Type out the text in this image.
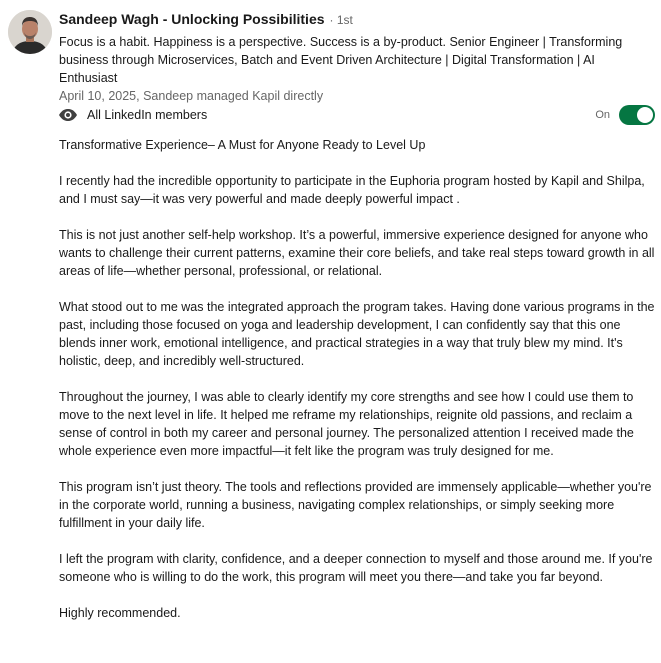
Sandeep Wagh - Unlocking Possibilities · 1st
Focus is a habit. Happiness is a perspective. Success is a by-product. Senior Engineer | Transforming business through Microservices, Batch and Event Driven Architecture | Digital Transformation | AI Enthusiast
April 10, 2025, Sandeep managed Kapil directly
All LinkedIn members	On

Transformative Experience– A Must for Anyone Ready to Level Up

I recently had the incredible opportunity to participate in the Euphoria program hosted by Kapil and Shilpa, and I must say—it was very powerful and made deeply powerful impact .

This is not just another self-help workshop. It’s a powerful, immersive experience designed for anyone who wants to challenge their current patterns, examine their core beliefs, and take real steps toward growth in all areas of life—whether personal, professional, or relational.

What stood out to me was the integrated approach the program takes. Having done various programs in the past, including those focused on yoga and leadership development, I can confidently say that this one blends inner work, emotional intelligence, and practical strategies in a way that truly blew my mind. It's holistic, deep, and incredibly well-structured.

Throughout the journey, I was able to clearly identify my core strengths and see how I could use them to move to the next level in life. It helped me reframe my relationships, reignite old passions, and reclaim a sense of control in both my career and personal journey. The personalized attention I received made the whole experience even more impactful—it felt like the program was truly designed for me.

This program isn’t just theory. The tools and reflections provided are immensely applicable—whether you're in the corporate world, running a business, navigating complex relationships, or simply seeking more fulfillment in your daily life.

I left the program with clarity, confidence, and a deeper connection to myself and those around me. If you're someone who is willing to do the work, this program will meet you there—and take you far beyond.

Highly recommended.
